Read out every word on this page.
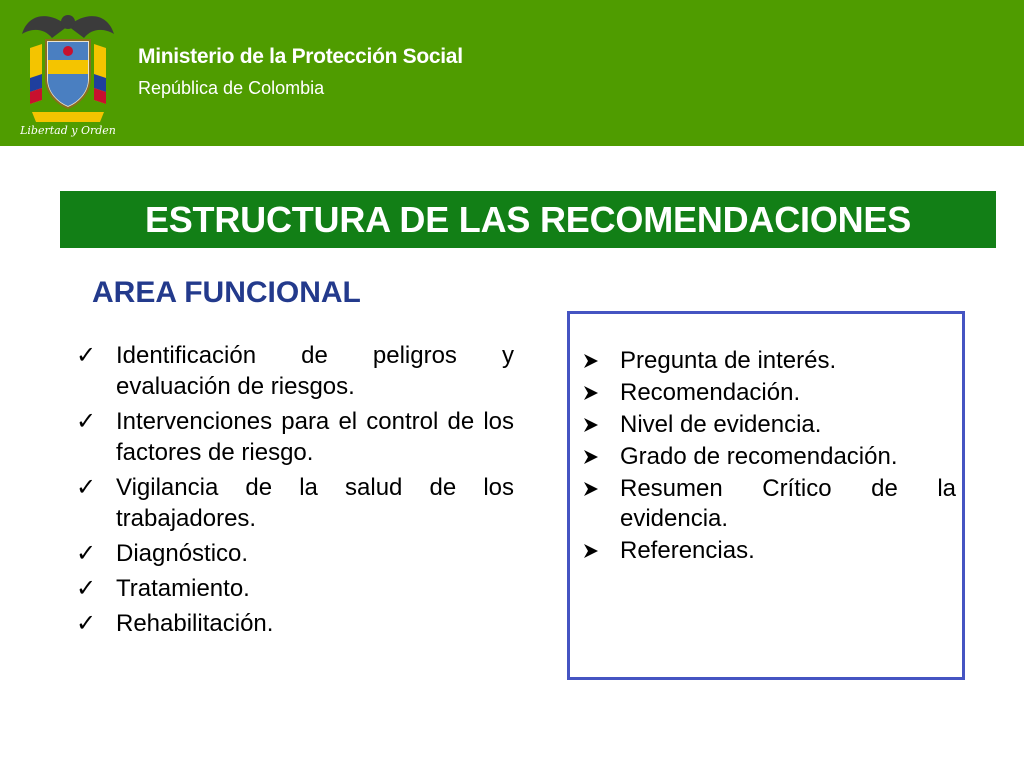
Libertad y Orden
Ministerio de la Protección Social
República de Colombia
ESTRUCTURA DE LAS RECOMENDACIONES
AREA FUNCIONAL
✓ Identificación de peligros y evaluación de riesgos.
✓ Intervenciones para el control de los factores de riesgo.
✓ Vigilancia de la salud de los trabajadores.
✓ Diagnóstico.
✓ Tratamiento.
✓ Rehabilitación.
Pregunta de interés.
Recomendación.
Nivel de evidencia.
Grado de recomendación.
Resumen Crítico de la evidencia.
Referencias.
